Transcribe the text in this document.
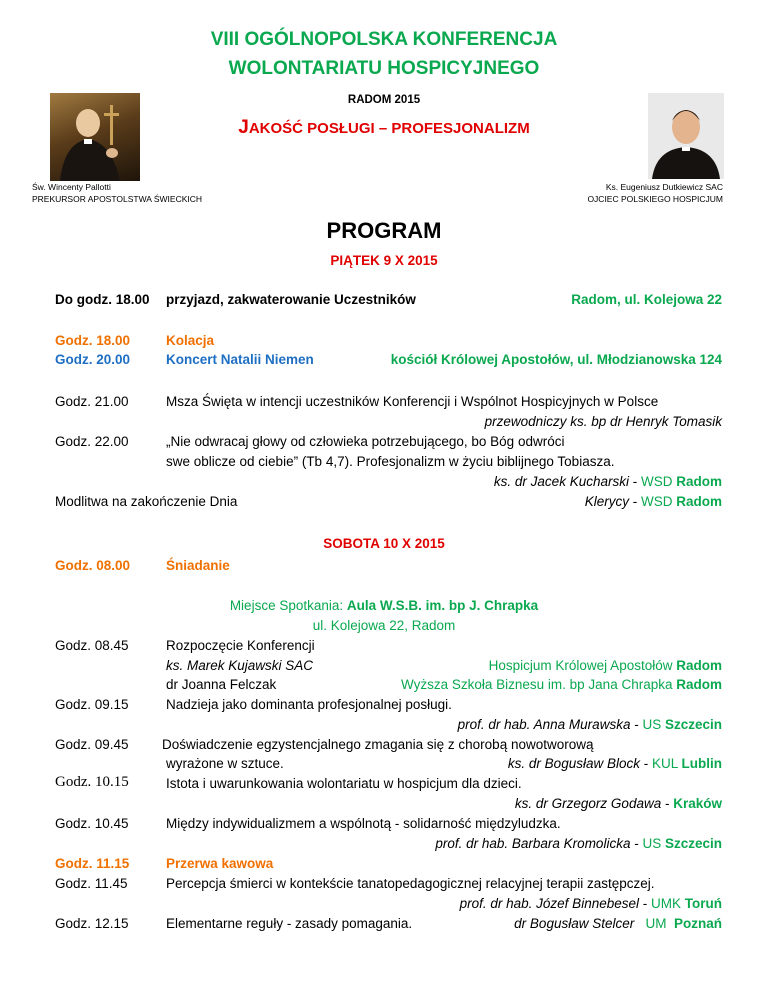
VIII OGÓLNOPOLSKA KONFERENCJA
WOLONTARIATU HOSPICYJNEGO
RADOM 2015
JAKOŚĆ POSŁUGI – PROFESJONALIZM
Św. Wincenty Pallotti
PREKURSOR APOSTOLSTWA ŚWIECKICH
Ks. Eugeniusz Dutkiewicz SAC
OJCIEC POLSKIEGO HOSPICJUM
PROGRAM
PIĄTEK 9 X 2015
Do godz. 18.00 przyjazd, zakwaterowanie Uczestników	Radom, ul. Kolejowa 22
Godz. 18.00	Kolacja
Godz. 20.00	Koncert Natalii Niemen	kościół Królowej Apostołów, ul. Młodzianowska 124
Godz. 21.00	Msza Święta w intencji uczestników Konferencji i Wspólnot Hospicyjnych w Polsce
przewodniczy ks. bp dr Henryk Tomasik
Godz. 22.00	„Nie odwracaj głowy od człowieka potrzebującego, bo Bóg odwróci
swe oblicze od ciebie” (Tb 4,7). Profesjonalizm w życiu biblijnego Tobiasza.
ks. dr Jacek Kucharski - WSD Radom
Modlitwa na zakończenie Dnia	Klerycy - WSD Radom
SOBOTA 10 X 2015
Godz. 08.00	Śniadanie
Miejsce Spotkania: Aula W.S.B. im. bp J. Chrapka
ul. Kolejowa 22, Radom
Godz. 08.45	Rozpoczęcie Konferencji
ks. Marek Kujawski SAC	Hospicjum Królowej Apostołów Radom
dr Joanna Felczak	Wyższa Szkoła Biznesu im. bp Jana Chrapka Radom
Godz. 09.15	Nadzieja jako dominanta profesjonalnej posługi.
prof. dr hab. Anna Murawska - US Szczecin
Godz. 09.45 Doświadczenie egzystencjalnego zmagania się z chorobą nowotworową
wyrażone w sztuce.	ks. dr Bogusław Block - KUL Lublin
Godz. 10.15	Istota i uwarunkowania wolontariatu w hospicjum dla dzieci.
ks. dr Grzegorz Godawa - Kraków
Godz. 10.45	Między indywidualizmem a wspólnotą - solidarność międzyludzka.
prof. dr hab. Barbara Kromolicka - US Szczecin
Godz. 11.15	Przerwa kawowa
Godz. 11.45	Percepcja śmierci w kontekście tanatopedagogicznej relacyjnej terapii zastępczej.
prof. dr hab. Józef Binnebesel - UMK Toruń
Godz. 12.15	Elementarne reguły - zasady pomagania.	dr Bogusław Stelcer   UM  Poznań
